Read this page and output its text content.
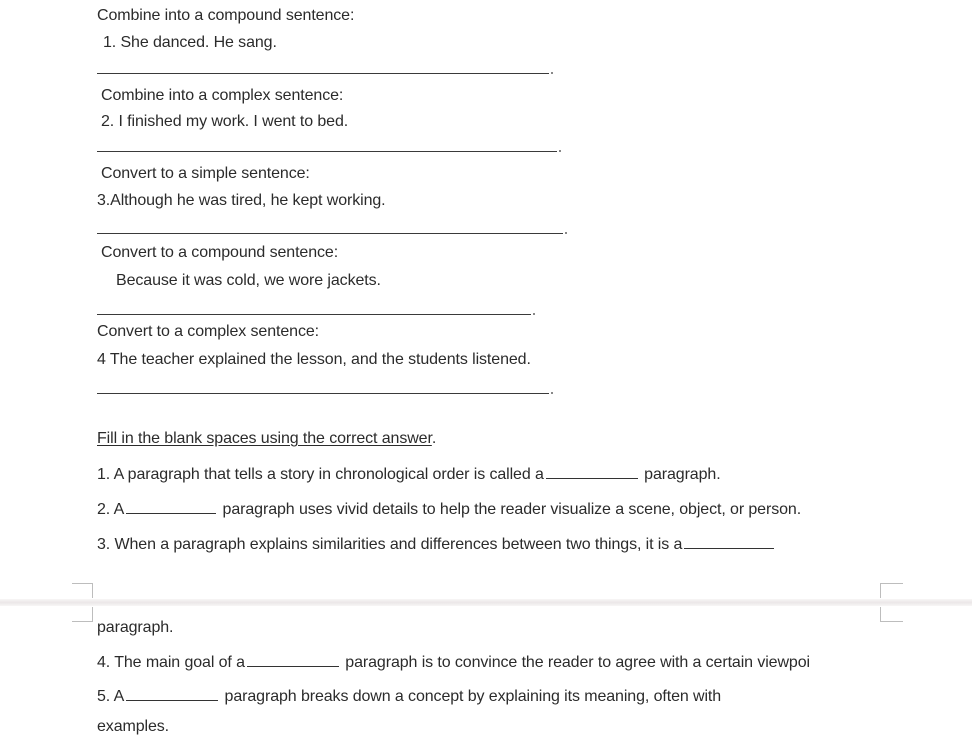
Combine into a compound sentence:
1. She danced. He sang.
Combine into a complex sentence:
2. I finished my work. I went to bed.
Convert to a simple sentence:
3.Although he was tired, he kept working.
Convert to a compound sentence:
Because it was cold, we wore jackets.
Convert to a complex sentence:
4 The teacher explained the lesson, and the students listened.
Fill in the blank spaces using the correct answer.
1. A paragraph that tells a story in chronological order is called a	paragraph.
2. A	paragraph uses vivid details to help the reader visualize a scene, object, or person.
3. When a paragraph explains similarities and differences between two things, it is a
paragraph.
4. The main goal of a	paragraph is to convince the reader to agree with a certain viewpoi
5. A	paragraph breaks down a concept by explaining its meaning, often with
examples.
